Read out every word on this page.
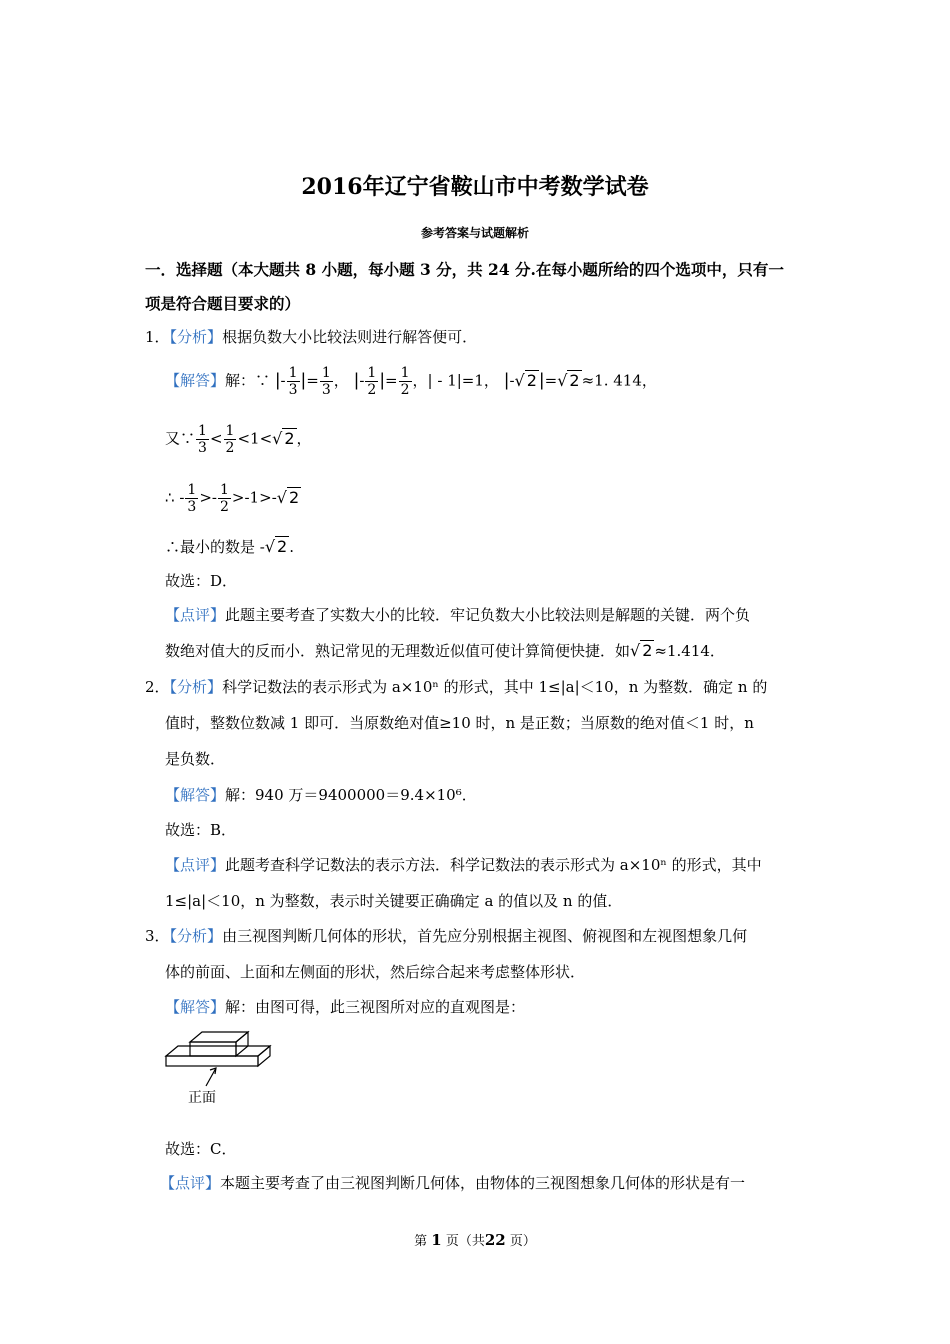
2016年辽宁省鞍山市中考数学试卷
参考答案与试题解析
一．选择题（本大题共 8 小题，每小题 3 分，共 24 分.在每小题所给的四个选项中，只有一
项是符合题目要求的）
1．【分析】根据负数大小比较法则进行解答便可．
【解答】解：∵ |- $\frac{1}{3}$ |= $\frac{1}{3}$ ， |- $\frac{1}{2}$ |= $\frac{1}{2}$ ，| - 1|=1， |-√ 2 |=√ 2 ≈1. 414，
又∵ $\frac{1}{3} < \frac{1}{2} <1<√$ 2 ，
∴ - $\frac{1}{3} >- \frac{1}{2} >-1>-√$ 2
∴最小的数是 -√ 2 .
故选：D．
【点评】此题主要考查了实数大小的比较．牢记负数大小比较法则是解题的关键．两个负
数绝对值大的反而小．熟记常见的无理数近似值可使计算简便快捷．如√ 2 ≈1.414．
2．【分析】科学记数法的表示形式为 a×10ⁿ 的形式，其中 1≤|a|＜10，n 为整数．确定 n 的
值时，整数位数减 1 即可．当原数绝对值≥10 时，n 是正数；当原数的绝对值＜1 时，n
是负数．
【解答】解：940 万＝9400000＝9.4×10⁶．
故选：B．
【点评】此题考查科学记数法的表示方法．科学记数法的表示形式为 a×10ⁿ 的形式，其中
1≤|a|＜10，n 为整数，表示时关键要正确确定 a 的值以及 n 的值．
3．【分析】由三视图判断几何体的形状，首先应分别根据主视图、俯视图和左视图想象几何
体的前面、上面和左侧面的形状，然后综合起来考虑整体形状．
【解答】解：由图可得，此三视图所对应的直观图是：
正面
故选：C．
【点评】本题主要考查了由三视图判断几何体，由物体的三视图想象几何体的形状是有一
第 1 页（共22 页）
